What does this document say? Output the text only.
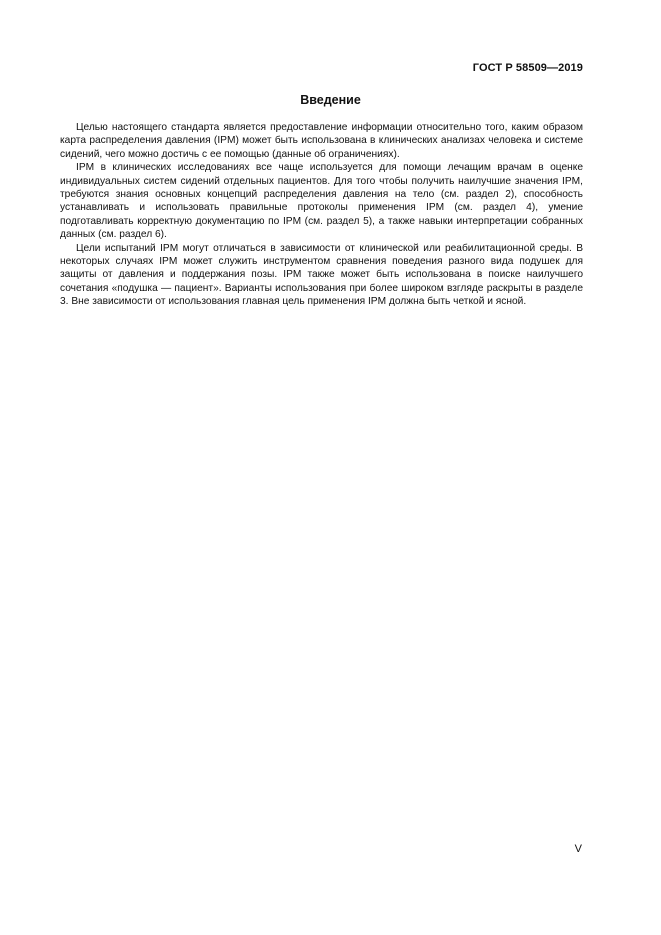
ГОСТ Р 58509—2019
Введение

Целью настоящего стандарта является предоставление информации относительно того, каким образом карта распределения давления (IPM) может быть использована в клинических анализах человека и системе сидений, чего можно достичь с ее помощью (данные об ограничениях).

IPM в клинических исследованиях все чаще используется для помощи лечащим врачам в оценке индивидуальных систем сидений отдельных пациентов. Для того чтобы получить наилучшие значения IPM, требуются знания основных концепций распределения давления на тело (см. раздел 2), способность устанавливать и использовать правильные протоколы применения IPM (см. раздел 4), умение подготавливать корректную документацию по IPM (см. раздел 5), а также навыки интерпретации собранных данных (см. раздел 6).

Цели испытаний IPM могут отличаться в зависимости от клинической или реабилитационной среды. В некоторых случаях IPM может служить инструментом сравнения поведения разного вида подушек для защиты от давления и поддержания позы. IPM также может быть использована в поиске наилучшего сочетания «подушка — пациент». Варианты использования при более широком взгляде раскрыты в разделе 3. Вне зависимости от использования главная цель применения IPM должна быть четкой и ясной.

V
